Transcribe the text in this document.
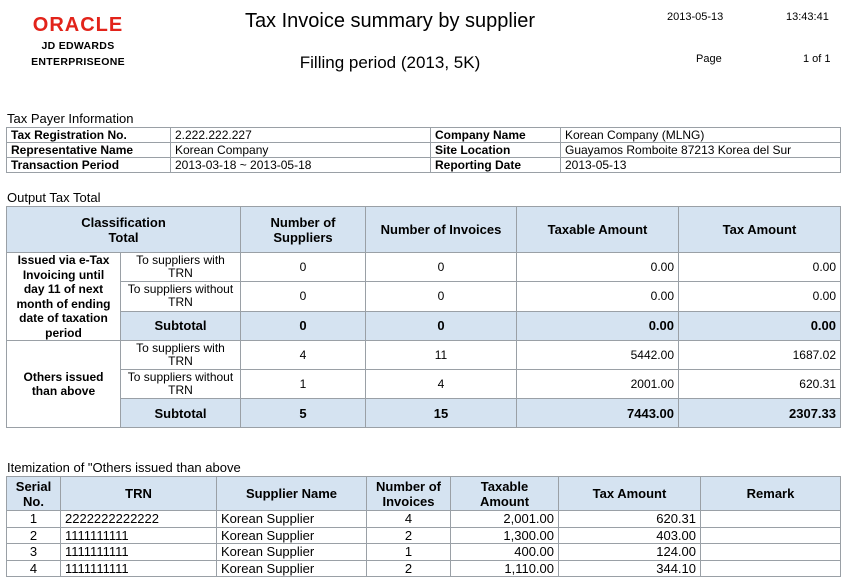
ORACLE
JD EDWARDS
ENTERPRISEONE
Tax Invoice summary by supplier
Filling period (2013, 5K)
2013-05-13	13:43:41
Page	1 of 1
Tax Payer Information
Tax Registration No.	2.222.222.227	Company Name	Korean Company (MLNG)
Representative Name	Korean Company	Site Location	Guayamos Romboite 87213 Korea del Sur
Transaction Period	2013-03-18 ~ 2013-05-18	Reporting Date	2013-05-13
Output Tax Total
Classification
Total		Number of Suppliers	Number of Invoices	Taxable Amount	Tax Amount
Issued via e-Tax Invoicing until day 11 of next month of ending date of taxation period	To suppliers with TRN	0	0	0.00	0.00
	To suppliers without TRN	0	0	0.00	0.00
	Subtotal	0	0	0.00	0.00
Others issued than above	To suppliers with TRN	4	11	5442.00	1687.02
	To suppliers without TRN	1	4	2001.00	620.31
	Subtotal	5	15	7443.00	2307.33
Itemization of "Others issued than above
Serial No.	TRN	Supplier Name	Number of Invoices	Taxable Amount	Tax Amount	Remark
1	2222222222222	Korean Supplier	4	2,001.00	620.31	
2	1111111111	Korean Supplier	2	1,300.00	403.00	
3	1111111111	Korean Supplier	1	400.00	124.00	
4	1111111111	Korean Supplier	2	1,110.00	344.10	
